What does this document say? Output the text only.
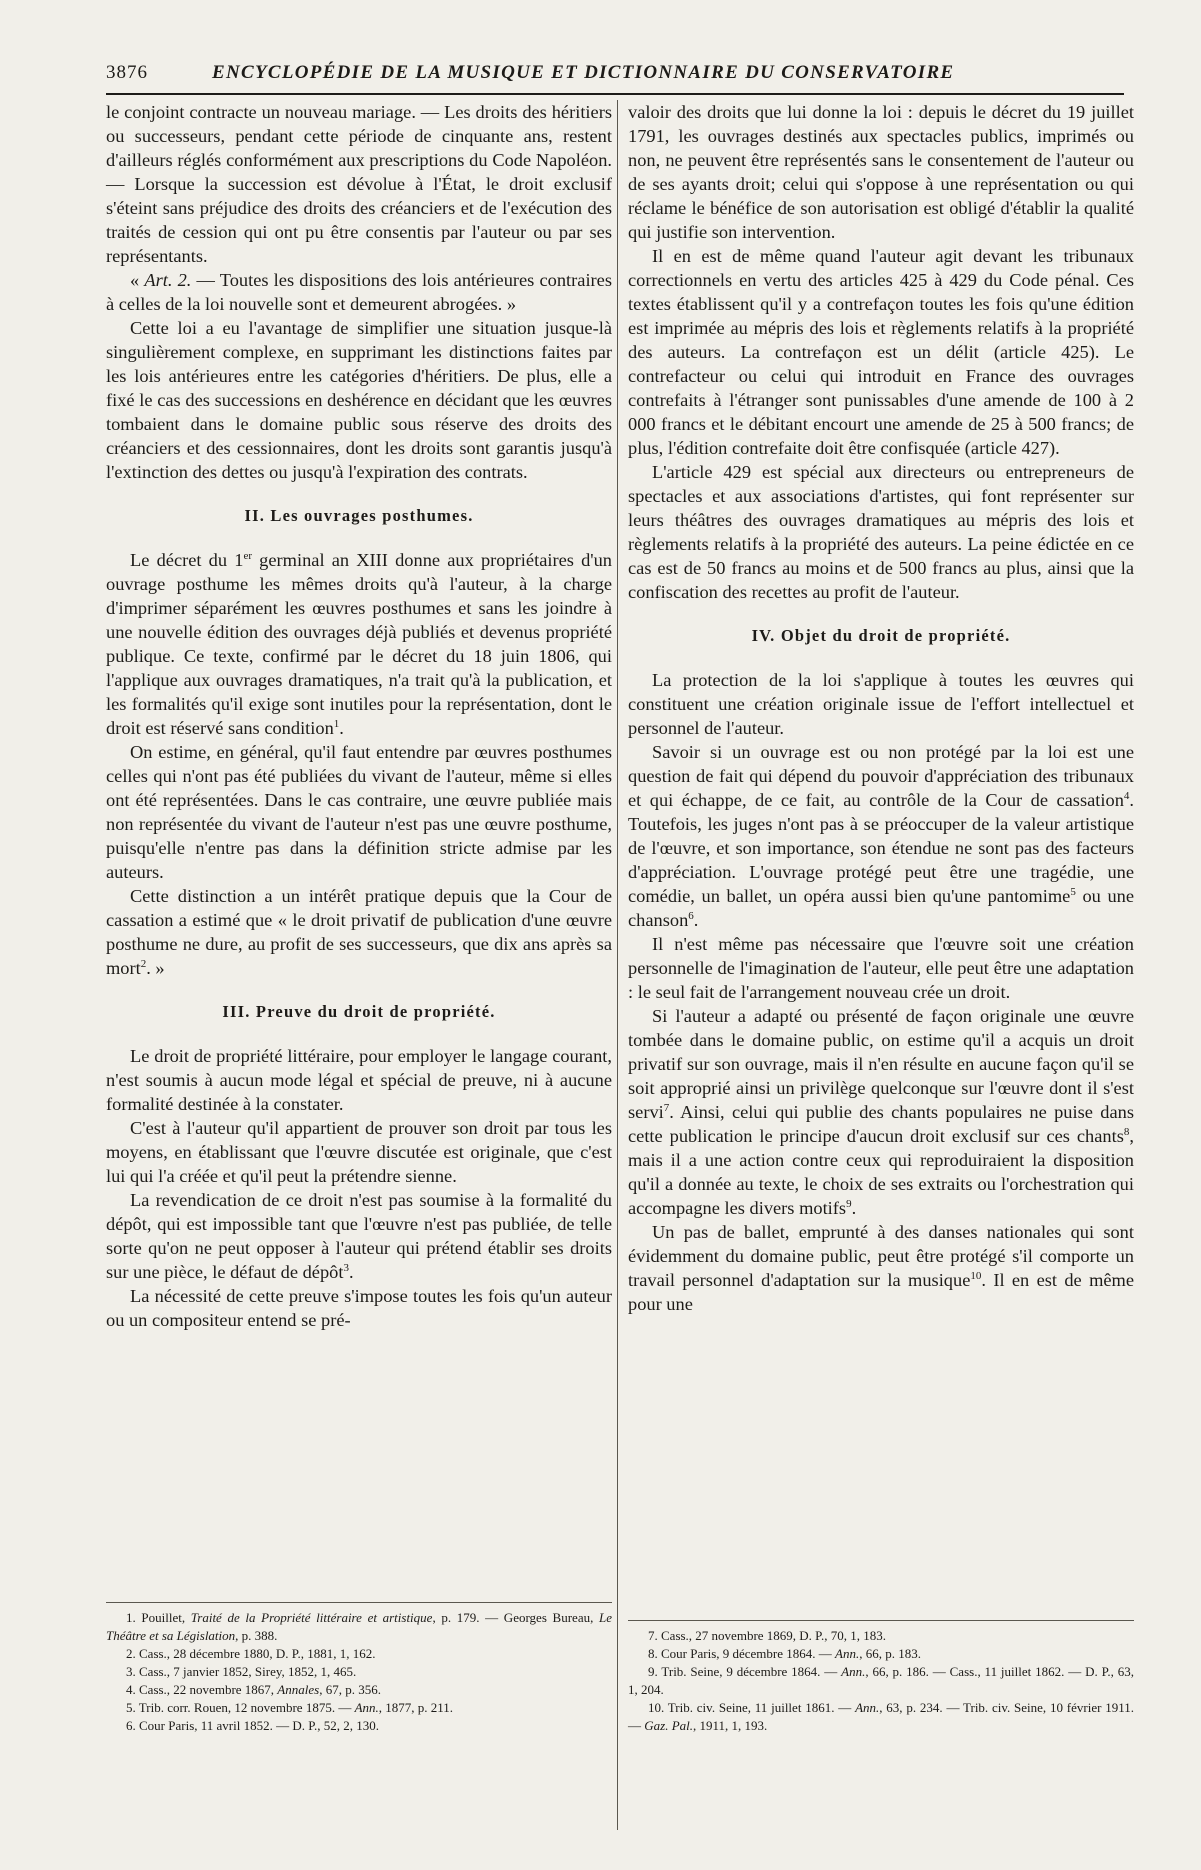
3876	ENCYCLOPÉDIE DE LA MUSIQUE ET DICTIONNAIRE DU CONSERVATOIRE

le conjoint contracte un nouveau mariage. — Les droits des héritiers ou successeurs, pendant cette période de cinquante ans, restent d'ailleurs réglés conformément aux prescriptions du Code Napoléon. — Lorsque la succession est dévolue à l'État, le droit exclusif s'éteint sans préjudice des droits des créanciers et de l'exécution des traités de cession qui ont pu être consentis par l'auteur ou par ses représentants.

« Art. 2. — Toutes les dispositions des lois antérieures contraires à celles de la loi nouvelle sont et demeurent abrogées. »

Cette loi a eu l'avantage de simplifier une situation jusque-là singulièrement complexe, en supprimant les distinctions faites par les lois antérieures entre les catégories d'héritiers. De plus, elle a fixé le cas des successions en deshérence en décidant que les œuvres tombaient dans le domaine public sous réserve des droits des créanciers et des cessionnaires, dont les droits sont garantis jusqu'à l'extinction des dettes ou jusqu'à l'expiration des contrats.

II. Les ouvrages posthumes.

Le décret du 1er germinal an XIII donne aux propriétaires d'un ouvrage posthume les mêmes droits qu'à l'auteur, à la charge d'imprimer séparément les œuvres posthumes et sans les joindre à une nouvelle édition des ouvrages déjà publiés et devenus propriété publique. Ce texte, confirmé par le décret du 18 juin 1806, qui l'applique aux ouvrages dramatiques, n'a trait qu'à la publication, et les formalités qu'il exige sont inutiles pour la représentation, dont le droit est réservé sans condition$^1$.

On estime, en général, qu'il faut entendre par œuvres posthumes celles qui n'ont pas été publiées du vivant de l'auteur, même si elles ont été représentées. Dans le cas contraire, une œuvre publiée mais non représentée du vivant de l'auteur n'est pas une œuvre posthume, puisqu'elle n'entre pas dans la définition stricte admise par les auteurs.

Cette distinction a un intérêt pratique depuis que la Cour de cassation a estimé que « le droit privatif de publication d'une œuvre posthume ne dure, au profit de ses successeurs, que dix ans après sa mort$^2$. »

III. Preuve du droit de propriété.

Le droit de propriété littéraire, pour employer le langage courant, n'est soumis à aucun mode légal et spécial de preuve, ni à aucune formalité destinée à la constater.

C'est à l'auteur qu'il appartient de prouver son droit par tous les moyens, en établissant que l'œuvre discutée est originale, que c'est lui qui l'a créée et qu'il peut la prétendre sienne.

La revendication de ce droit n'est pas soumise à la formalité du dépôt, qui est impossible tant que l'œuvre n'est pas publiée, de telle sorte qu'on ne peut opposer à l'auteur qui prétend établir ses droits sur une pièce, le défaut de dépôt$^3$.

La nécessité de cette preuve s'impose toutes les fois qu'un auteur ou un compositeur entend se pré-

valoir des droits que lui donne la loi : depuis le décret du 19 juillet 1791, les ouvrages destinés aux spectacles publics, imprimés ou non, ne peuvent être représentés sans le consentement de l'auteur ou de ses ayants droit; celui qui s'oppose à une représentation ou qui réclame le bénéfice de son autorisation est obligé d'établir la qualité qui justifie son intervention.

Il en est de même quand l'auteur agit devant les tribunaux correctionnels en vertu des articles 425 à 429 du Code pénal. Ces textes établissent qu'il y a contrefaçon toutes les fois qu'une édition est imprimée au mépris des lois et règlements relatifs à la propriété des auteurs. La contrefaçon est un délit (article 425). Le contrefacteur ou celui qui introduit en France des ouvrages contrefaits à l'étranger sont punissables d'une amende de 100 à 2 000 francs et le débitant encourt une amende de 25 à 500 francs; de plus, l'édition contrefaite doit être confisquée (article 427).

L'article 429 est spécial aux directeurs ou entrepreneurs de spectacles et aux associations d'artistes, qui font représenter sur leurs théâtres des ouvrages dramatiques au mépris des lois et règlements relatifs à la propriété des auteurs. La peine édictée en ce cas est de 50 francs au moins et de 500 francs au plus, ainsi que la confiscation des recettes au profit de l'auteur.

IV. Objet du droit de propriété.

La protection de la loi s'applique à toutes les œuvres qui constituent une création originale issue de l'effort intellectuel et personnel de l'auteur.

Savoir si un ouvrage est ou non protégé par la loi est une question de fait qui dépend du pouvoir d'appréciation des tribunaux et qui échappe, de ce fait, au contrôle de la Cour de cassation$^4$. Toutefois, les juges n'ont pas à se préoccuper de la valeur artistique de l'œuvre, et son importance, son étendue ne sont pas des facteurs d'appréciation. L'ouvrage protégé peut être une tragédie, une comédie, un ballet, un opéra aussi bien qu'une pantomime$^5$ ou une chanson$^6$.

Il n'est même pas nécessaire que l'œuvre soit une création personnelle de l'imagination de l'auteur, elle peut être une adaptation : le seul fait de l'arrangement nouveau crée un droit.

Si l'auteur a adapté ou présenté de façon originale une œuvre tombée dans le domaine public, on estime qu'il a acquis un droit privatif sur son ouvrage, mais il n'en résulte en aucune façon qu'il se soit approprié ainsi un privilège quelconque sur l'œuvre dont il s'est servi$^7$. Ainsi, celui qui publie des chants populaires ne puise dans cette publication le principe d'aucun droit exclusif sur ces chants$^8$, mais il a une action contre ceux qui reproduiraient la disposition qu'il a donnée au texte, le choix de ses extraits ou l'orchestration qui accompagne les divers motifs$^9$.

Un pas de ballet, emprunté à des danses nationales qui sont évidemment du domaine public, peut être protégé s'il comporte un travail personnel d'adaptation sur la musique$^{10}$. Il en est de même pour une

1. Pouillet, Traité de la Propriété littéraire et artistique, p. 179. — Georges Bureau, Le Théâtre et sa Législation, p. 388.

2. Cass., 28 décembre 1880, D. P., 1881, 1, 162.

3. Cass., 7 janvier 1852, Sirey, 1852, 1, 465.

4. Cass., 22 novembre 1867, Annales, 67, p. 356.

5. Trib. corr. Rouen, 12 novembre 1875. — Ann., 1877, p. 211.

6. Cour Paris, 11 avril 1852. — D. P., 52, 2, 130.

7. Cass., 27 novembre 1869, D. P., 70, 1, 183.

8. Cour Paris, 9 décembre 1864. — Ann., 66, p. 183.

9. Trib. Seine, 9 décembre 1864. — Ann., 66, p. 186. — Cass., 11 juillet 1862. — D. P., 63, 1, 204.

10. Trib. civ. Seine, 11 juillet 1861. — Ann., 63, p. 234. — Trib. civ. Seine, 10 février 1911. — Gaz. Pal., 1911, 1, 193.
